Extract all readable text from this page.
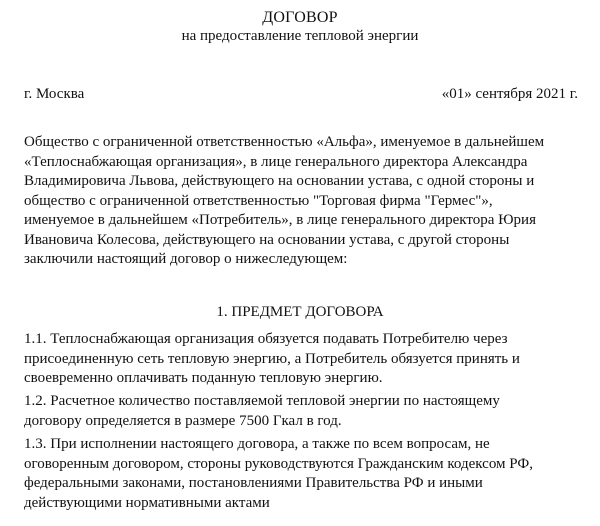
ДОГОВОР
на предоставление тепловой энергии
г. Москва	«01» сентября 2021 г.
Общество с ограниченной ответственностью «Альфа», именуемое в дальнейшем
«Теплоснабжающая организация», в лице генерального директора Александра
Владимировича Львова, действующего на основании устава, с одной стороны и
общество с ограниченной ответственностью "Торговая фирма "Гермес"»,
именуемое в дальнейшем «Потребитель», в лице генерального директора Юрия
Ивановича Колесова, действующего на основании устава, с другой стороны
заключили настоящий договор о нижеследующем:
1. ПРЕДМЕТ ДОГОВОРА
1.1. Теплоснабжающая организация обязуется подавать Потребителю через
присоединенную сеть тепловую энергию, а Потребитель обязуется принять и
своевременно оплачивать поданную тепловую энергию.
1.2. Расчетное количество поставляемой тепловой энергии по настоящему
договору определяется в размере 7500 Гкал в год.
1.3. При исполнении настоящего договора, а также по всем вопросам, не
оговоренным договором, стороны руководствуются Гражданским кодексом РФ,
федеральными законами, постановлениями Правительства РФ и иными
действующими нормативными актами
